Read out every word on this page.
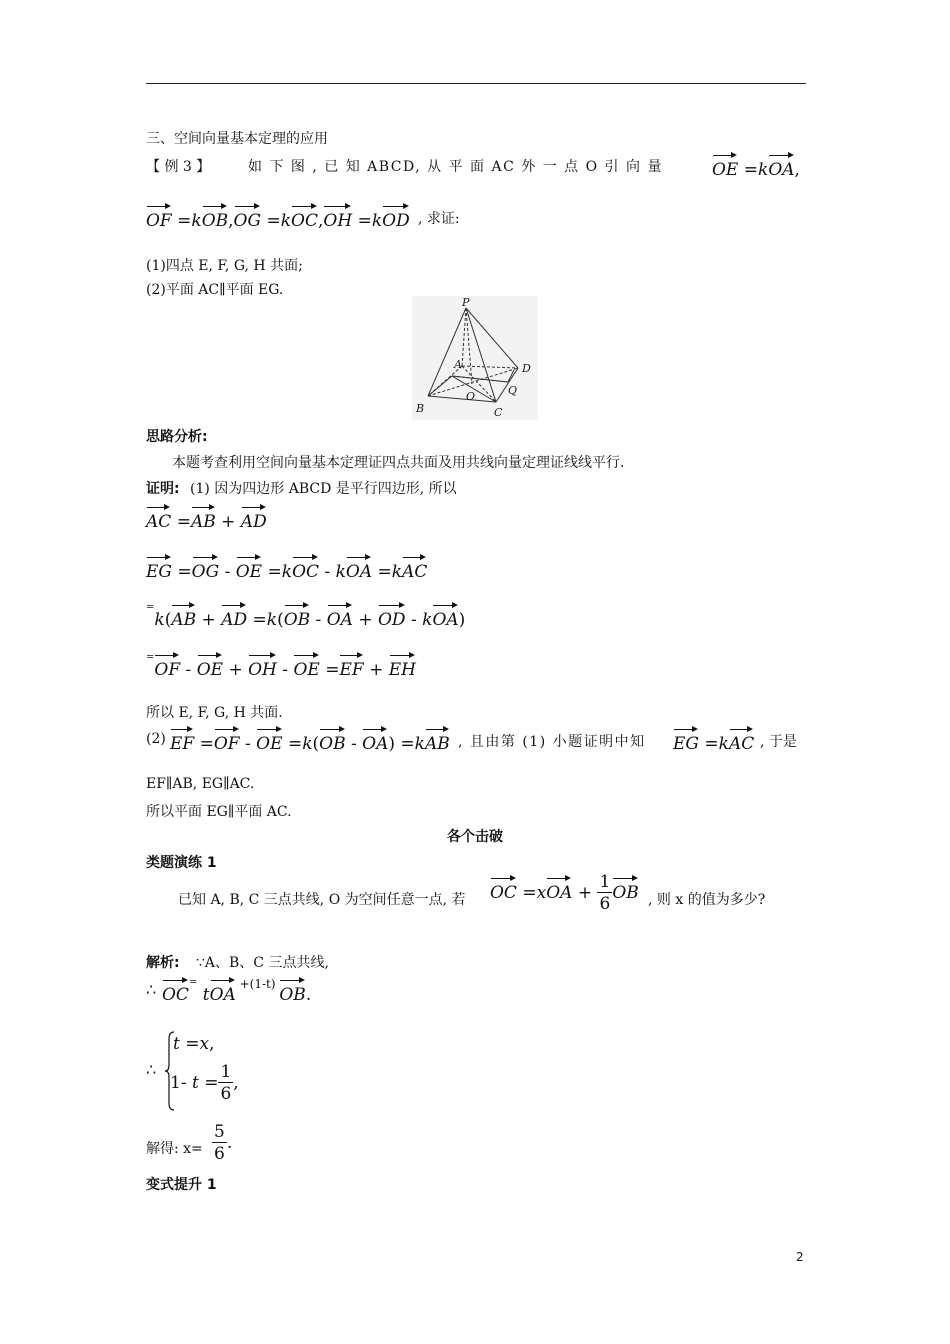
三、空间向量基本定理的应用
【 例 3 】	如 下 图 , 已 知 ABCD, 从 平 面 AC 外 一 点 O 引 向 量	OE =kOA,
OF =kOB,OG =kOC,OH =kOD , 求证:
(1)四点 E, F, G, H 共面;
(2)平面 AC∥平面 EG.
P
A	D
Q
O
B	C
思路分析:
本题考查利用空间向量基本定理证四点共面及用共线向量定理证线线平行.
证明: (1) 因为四边形 ABCD 是平行四边形, 所以
AC =AB + AD
EG =OG - OE =kOC - kOA =kAC
=k(AB + AD =k(OB - OA + OD - kOA)
=OF - OE + OH - OE =EF + EH
所以 E, F, G, H 共面.
(2) EF =OF - OE =k(OB - OA) =kAB , 且由第 (1) 小题证明中知 EG =kAC , 于是
EF∥AB, EG∥AC.
所以平面 EG∥平面 AC.
各个击破
类题演练 1
已知 A, B, C 三点共线, O 为空间任意一点, 若 OC $=xOA + \frac{1}{6}$ OB , 则 x 的值为多少?
解析: ∵A、B、C 三点共线,
∴ OC= tOA $^{+(1-t)}$ OB.
∴
t =x,
1- $t = \frac{1}{6}$ ,
解得: $x= \frac{5}{6}$ .
变式提升 1
2
